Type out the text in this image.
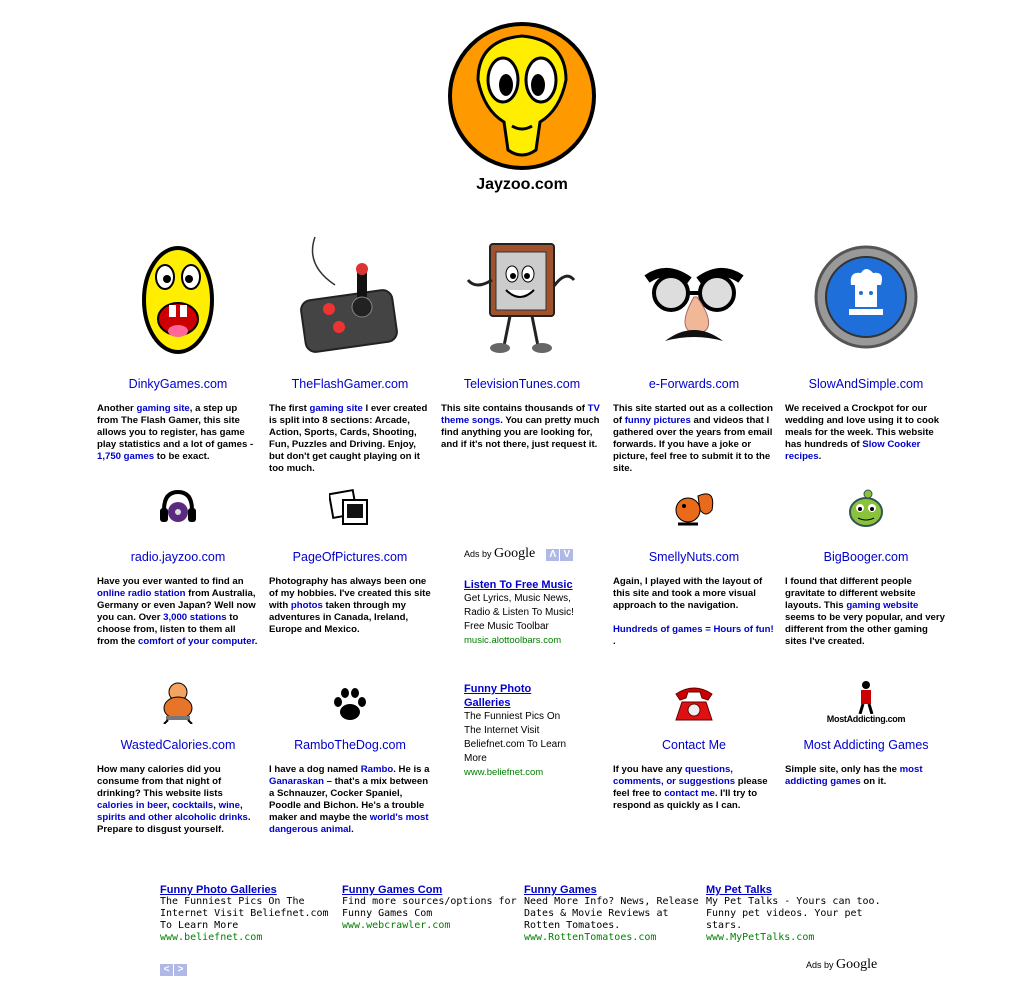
Jayzoo.com
DinkyGames.com
Another gaming site, a step up from The Flash Gamer, this site allows you to register, has game play statistics and a lot of games - 1,750 games to be exact.
TheFlashGamer.com
The first gaming site I ever created is split into 8 sections: Arcade, Action, Sports, Cards, Shooting, Fun, Puzzles and Driving. Enjoy, but don't get caught playing on it too much.
TelevisionTunes.com
This site contains thousands of TV theme songs. You can pretty much find anything you are looking for, and if it's not there, just request it.
e-Forwards.com
This site started out as a collection of funny pictures and videos that I gathered over the years from email forwards. If you have a joke or picture, feel free to submit it to the site.
SlowAndSimple.com
We received a Crockpot for our wedding and love using it to cook meals for the week. This website has hundreds of Slow Cooker recipes.
radio.jayzoo.com
Have you ever wanted to find an online radio station from Australia, Germany or even Japan? Well now you can. Over 3,000 stations to choose from, listen to them all from the comfort of your computer.
PageOfPictures.com
Photography has always been one of my hobbies. I've created this site with photos taken through my adventures in Canada, Ireland, Europe and Mexico.
SmellyNuts.com
Again, I played with the layout of this site and took a more visual approach to the navigation.

Hundreds of games = Hours of fun! .
BigBooger.com
I found that different people gravitate to different website layouts. This gaming website seems to be very popular, and very different from the other gaming sites I've created.
WastedCalories.com
How many calories did you consume from that night of drinking? This website lists calories in beer, cocktails, wine, spirits and other alcoholic drinks. Prepare to disgust yourself.
RamboTheDog.com
I have a dog named Rambo. He is a Ganaraskan – that's a mix between a Schnauzer, Cocker Spaniel, Poodle and Bichon. He's a trouble maker and maybe the world's most dangerous animal.
Contact Me
If you have any questions, comments, or suggestions please feel free to contact me. I'll try to respond as quickly as I can.
MostAddicting.com
Most Addicting Games
Simple site, only has the most addicting games on it.
Ads by Google Λ V
Listen To Free Music
Get Lyrics, Music News, Radio & Listen To Music! Free Music Toolbar
music.alottoolbars.com
Funny Photo Galleries
The Funniest Pics On The Internet Visit Beliefnet.com To Learn More
www.beliefnet.com
Funny Photo Galleries
The Funniest Pics On The Internet Visit Beliefnet.com To Learn More
www.beliefnet.com
Funny Games Com
Find more sources/options for Funny Games Com
www.webcrawler.com
Funny Games
Need More Info? News, Release Dates & Movie Reviews at Rotten Tomatoes.
www.RottenTomatoes.com
My Pet Talks
My Pet Talks - Yours can too. Funny pet videos. Your pet stars.
www.MyPetTalks.com
< >	Ads by Google
